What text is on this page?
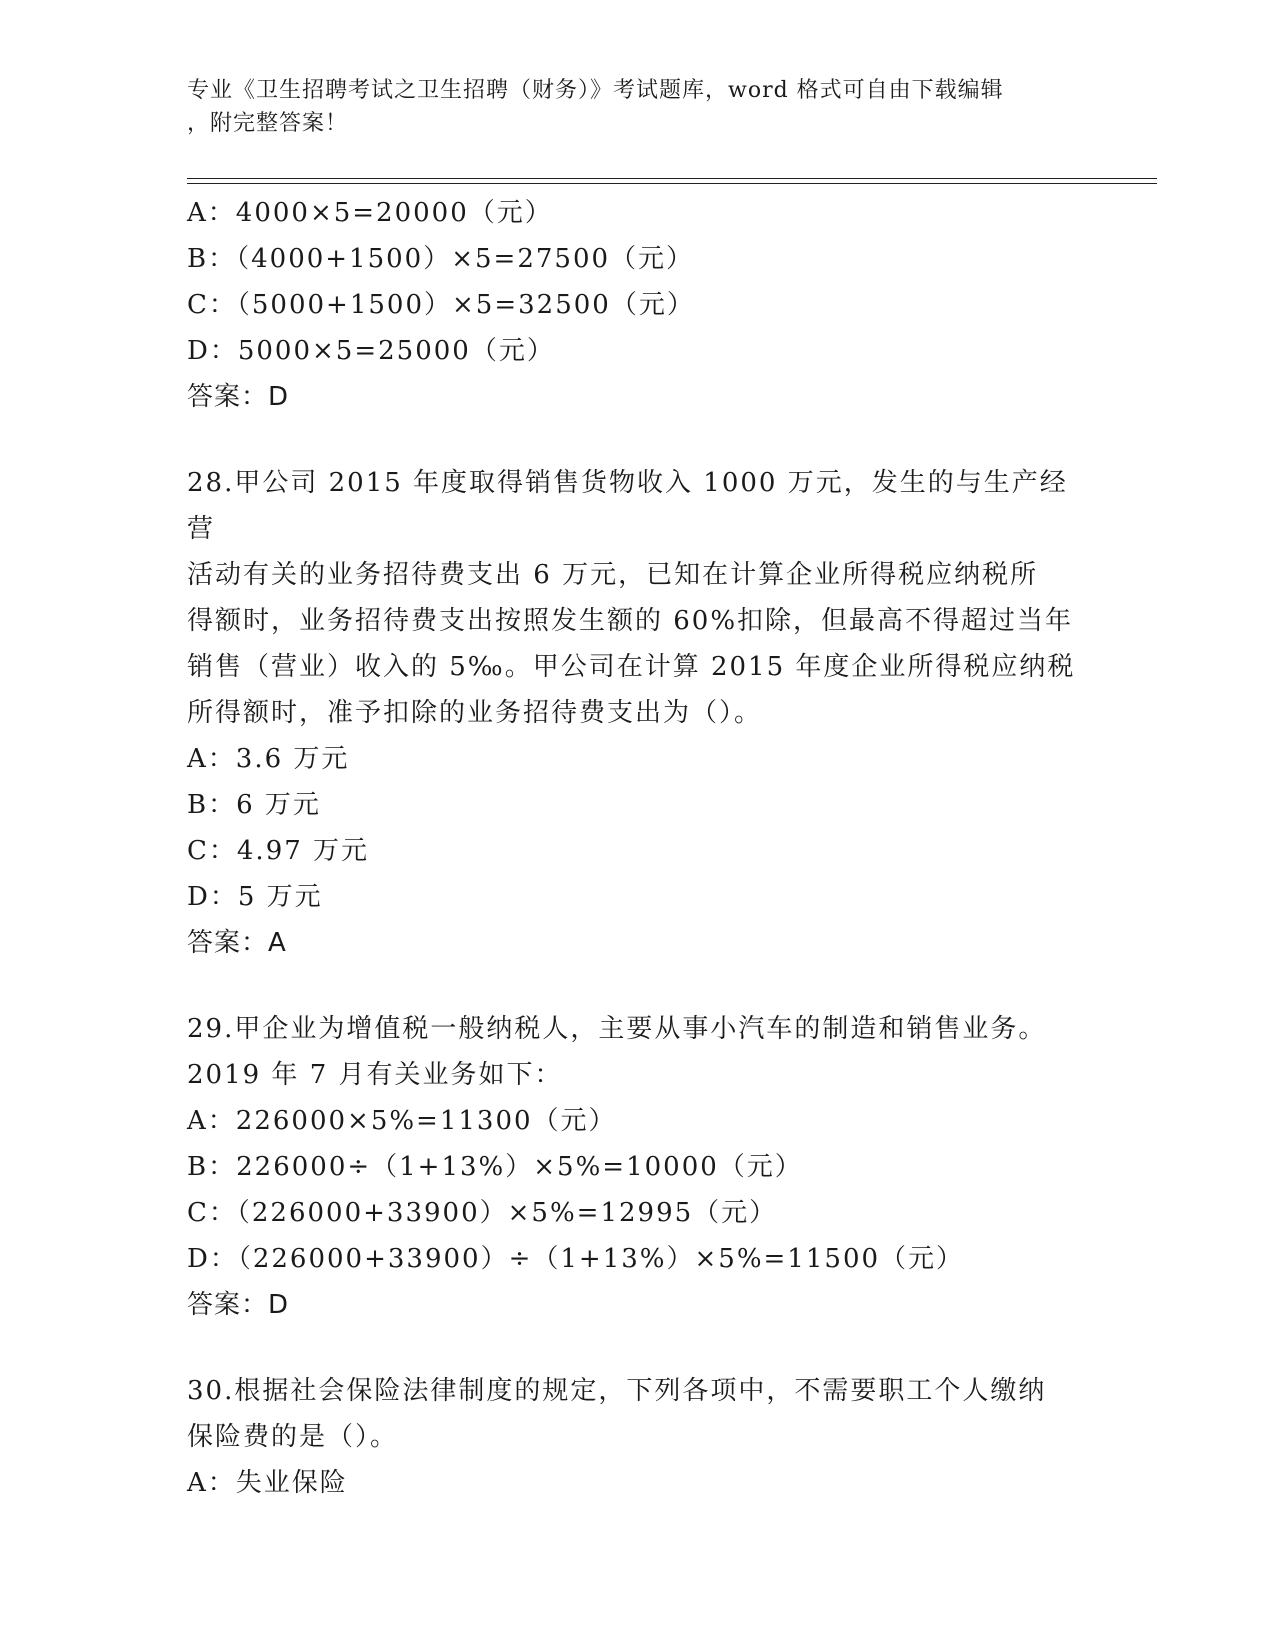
专业《卫生招聘考试之卫生招聘（财务）》考试题库，word 格式可自由下载编辑
，附完整答案！
A：4000×5=20000（元）
B：（4000+1500）×5=27500（元）
C：（5000+1500）×5=32500（元）
D：5000×5=25000（元）
答案：D
28.甲公司 2015 年度取得销售货物收入 1000 万元，发生的与生产经营
活动有关的业务招待费支出 6 万元，已知在计算企业所得税应纳税所
得额时，业务招待费支出按照发生额的 60%扣除，但最高不得超过当年
销售（营业）收入的 5‰。甲公司在计算 2015 年度企业所得税应纳税
所得额时，准予扣除的业务招待费支出为（）。
A：3.6 万元
B：6 万元
C：4.97 万元
D：5 万元
答案：A
29.甲企业为增值税一般纳税人，主要从事小汽车的制造和销售业务。
2019 年 7 月有关业务如下：
A：226000×5%=11300（元）
B：226000÷（1+13%）×5%=10000（元）
C：（226000+33900）×5%=12995（元）
D：（226000+33900）÷（1+13%）×5%=11500（元）
答案：D
30.根据社会保险法律制度的规定，下列各项中，不需要职工个人缴纳
保险费的是（）。
A：失业保险
